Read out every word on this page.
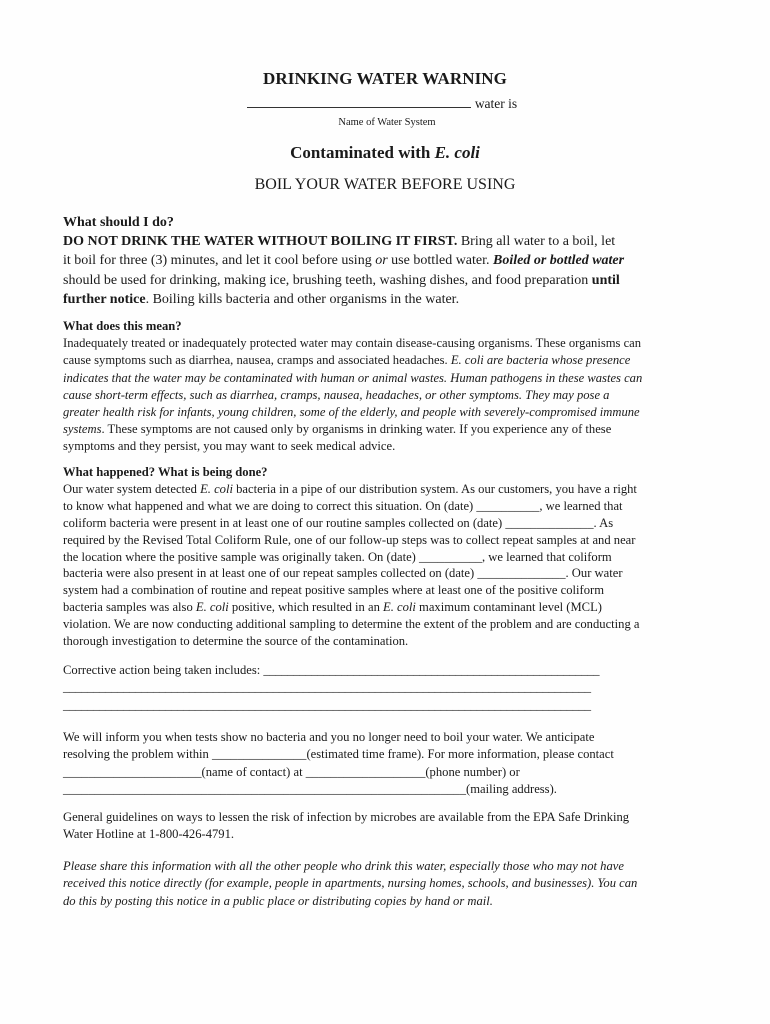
DRINKING WATER WARNING
water is
Name of Water System
Contaminated with E. coli
BOIL YOUR WATER BEFORE USING
What should I do?
DO NOT DRINK THE WATER WITHOUT BOILING IT FIRST. Bring all water to a boil, let
it boil for three (3) minutes, and let it cool before using or use bottled water. Boiled or bottled water
should be used for drinking, making ice, brushing teeth, washing dishes, and food preparation until
further notice. Boiling kills bacteria and other organisms in the water.
What does this mean?
Inadequately treated or inadequately protected water may contain disease-causing organisms. These organisms can
cause symptoms such as diarrhea, nausea, cramps and associated headaches. E. coli are bacteria whose presence
indicates that the water may be contaminated with human or animal wastes. Human pathogens in these wastes can
cause short-term effects, such as diarrhea, cramps, nausea, headaches, or other symptoms. They may pose a
greater health risk for infants, young children, some of the elderly, and people with severely-compromised immune
systems. These symptoms are not caused only by organisms in drinking water. If you experience any of these
symptoms and they persist, you may want to seek medical advice.
What happened? What is being done?
Our water system detected E. coli bacteria in a pipe of our distribution system. As our customers, you have a right
to know what happened and what we are doing to correct this situation. On (date) __________, we learned that
coliform bacteria were present in at least one of our routine samples collected on (date) ______________. As
required by the Revised Total Coliform Rule, one of our follow-up steps was to collect repeat samples at and near
the location where the positive sample was originally taken. On (date) __________, we learned that coliform
bacteria were also present in at least one of our repeat samples collected on (date) ______________. Our water
system had a combination of routine and repeat positive samples where at least one of the positive coliform
bacteria samples was also E. coli positive, which resulted in an E. coli maximum contaminant level (MCL)
violation. We are now conducting additional sampling to determine the extent of the problem and are conducting a
thorough investigation to determine the source of the contamination.
Corrective action being taken includes: ________________________________________________________
________________________________________________________________________________________
________________________________________________________________________________________
We will inform you when tests show no bacteria and you no longer need to boil your water. We anticipate
resolving the problem within _______________(estimated time frame). For more information, please contact
______________________(name of contact) at ___________________(phone number) or
________________________________________________________________(mailing address).
General guidelines on ways to lessen the risk of infection by microbes are available from the EPA Safe Drinking
Water Hotline at 1-800-426-4791.
Please share this information with all the other people who drink this water, especially those who may not have
received this notice directly (for example, people in apartments, nursing homes, schools, and businesses). You can
do this by posting this notice in a public place or distributing copies by hand or mail.
